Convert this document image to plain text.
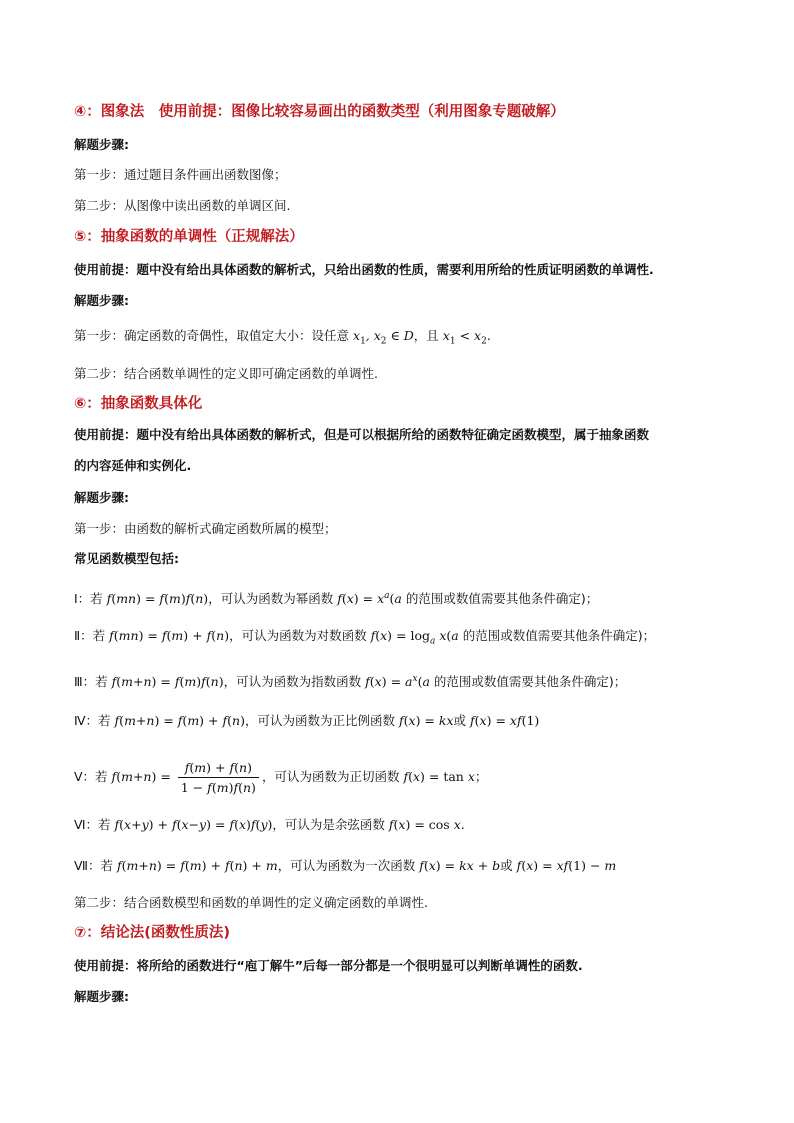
④：图象法　使用前提：图像比较容易画出的函数类型（利用图象专题破解）
解题步骤:
第一步：通过题目条件画出函数图像；
第二步：从图像中读出函数的单调区间.
⑤：抽象函数的单调性（正规解法）
使用前提：题中没有给出具体函数的解析式，只给出函数的性质，需要利用所给的性质证明函数的单调性.
解题步骤:
第一步：确定函数的奇偶性，取值定大小：设任意 $x_1$, $x_2$ ∈ D，且 $x_1 < x_2$.
第二步：结合函数单调性的定义即可确定函数的单调性.
⑥：抽象函数具体化
使用前提：题中没有给出具体函数的解析式，但是可以根据所给的函数特征确定函数模型，属于抽象函数
的内容延伸和实例化.
解题步骤:
第一步：由函数的解析式确定函数所属的模型；
常见函数模型包括:
Ⅰ：若 f(mn) = f(m)f(n)，可认为函数为幂函数 $f(x) = x^a(a$ 的范围或数值需要其他条件确定)；
Ⅱ：若 f(mn) = f(m) + f(n)，可认为函数为对数函数 $f(x) = \log_a x(a$ 的范围或数值需要其他条件确定)；
Ⅲ：若 f(m+n) = f(m)f(n)，可认为函数为指数函数 $f(x) = a^x(a$ 的范围或数值需要其他条件确定)；
Ⅳ：若 f(m+n) = f(m) + f(n)，可认为函数为正比例函数 f(x) = kx或 f(x) = xf(1)
Ⅴ：若 $f(m+n) = \frac{f(m) + f(n)}{1 - f(m)f(n)}$ ，可认为函数为正切函数 f(x) = tan x；
Ⅵ：若 f(x+y) + f(x−y) = f(x)f(y)，可认为是余弦函数 f(x) = cos x.
Ⅶ：若 f(m+n) = f(m) + f(n) + m，可认为函数为一次函数 f(x) = kx + b或 f(x) = xf(1) − m
第二步：结合函数模型和函数的单调性的定义确定函数的单调性.
⑦：结论法(函数性质法)
使用前提：将所给的函数进行“庖丁解牛”后每一部分都是一个很明显可以判断单调性的函数.
解题步骤:
